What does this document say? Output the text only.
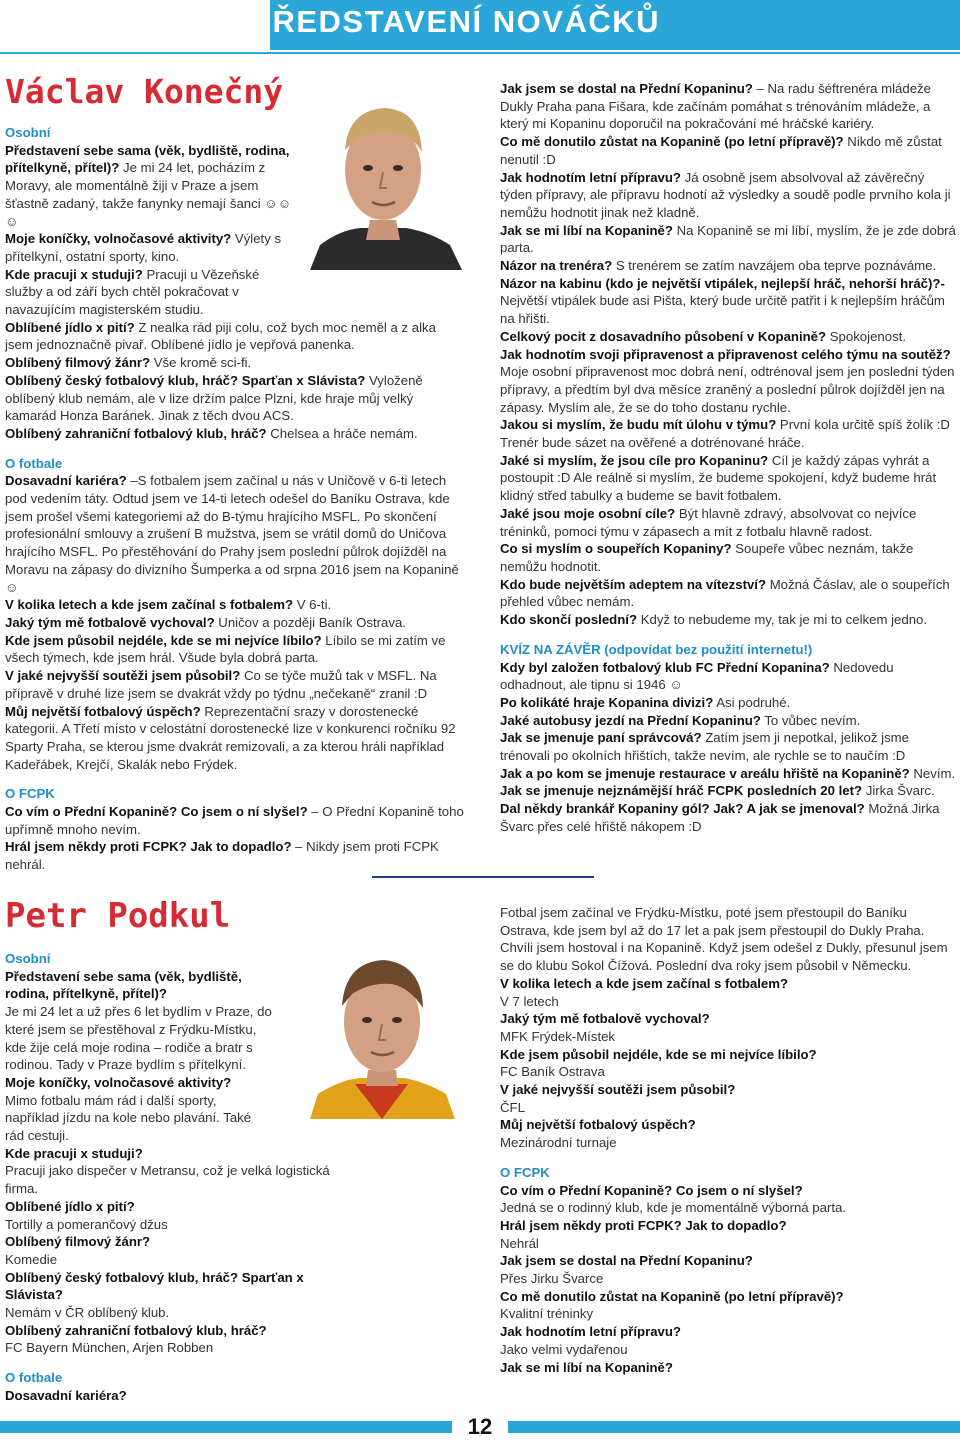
PŘEDSTAVENÍ NOVÁČKŮ
Václav Konečný

Osobní

Představení sebe sama (věk, bydliště, rodina, přítelkyně, přítel)? Je mi 24 let, pocházím z Moravy, ale momentálně žiji v Praze a jsem šťastně zadaný, takže fanynky nemají šanci ☺☺☺

Moje koníčky, volnočasové aktivity? Výlety s přítelkyní, ostatní sporty, kino.

Kde pracuji x studuji? Pracuji u Vězeňské služby a od září bych chtěl pokračovat v navazujícím magisterském studiu.

Oblíbené jídlo x pití? Z nealka rád piji colu, což bych moc neměl a z alka jsem jednoznačně pivař. Oblíbené jídlo je vepřová panenka.

Oblíbený filmový žánr? Vše kromě sci-fi.

Oblíbený český fotbalový klub, hráč? Sparťan x Slávista? Vyloženě oblíbený klub nemám, ale v lize držím palce Plzni, kde hraje můj velký kamarád Honza Baránek. Jinak z těch dvou ACS.

Oblíbený zahraniční fotbalový klub, hráč? Chelsea a hráče nemám.

O fotbale

Dosavadní kariéra? –S fotbalem jsem začínal u nás v Uničově v 6-ti letech pod vedením táty. Odtud jsem ve 14-ti letech odešel do Baníku Ostrava, kde jsem prošel všemi kategoriemi až do B-týmu hrajícího MSFL. Po skončení profesionální smlouvy a zrušení B mužstva, jsem se vrátil domů do Uničova hrajícího MSFL. Po přestěhování do Prahy jsem poslední půlrok dojížděl na Moravu na zápasy do divizního Šumperka a od srpna 2016 jsem na Kopanině ☺

V kolika letech a kde jsem začínal s fotbalem? V 6-ti.

Jaký tým mě fotbalově vychoval? Uničov a později Baník Ostrava.

Kde jsem působil nejdéle, kde se mi nejvíce líbilo? Líbilo se mi zatím ve všech týmech, kde jsem hrál. Všude byla dobrá parta.

V jaké nejvyšší soutěži jsem působil? Co se týče mužů tak v MSFL. Na přípravě v druhé lize jsem se dvakrát vždy po týdnu „nečekaně“ zranil :D

Můj největší fotbalový úspěch? Reprezentační srazy v dorostenecké kategorii. A Třetí místo v celostátní dorostenecké lize v konkurenci ročníku 92 Sparty Praha, se kterou jsme dvakrát remizovali, a za kterou hráli například Kadeřábek, Krejčí, Skalák nebo Frýdek.

O FCPK

Co vím o Přední Kopanině? Co jsem o ní slyšel? – O Přední Kopanině toho upřímně mnoho nevím.

Hrál jsem někdy proti FCPK? Jak to dopadlo? – Nikdy jsem proti FCPK nehrál.

Jak jsem se dostal na Přední Kopaninu? – Na radu šéftrenéra mládeže Dukly Praha pana Fišara, kde začínám pomáhat s trénováním mládeže, a který mi Kopaninu doporučil na pokračování mé hráčské kariéry.

Co mě donutilo zůstat na Kopanině (po letní přípravě)? Nikdo mě zůstat nenutil :D

Jak hodnotím letní přípravu? Já osobně jsem absolvoval až závěrečný týden přípravy, ale přípravu hodnotí až výsledky a soudě podle prvního kola ji nemůžu hodnotit jinak než kladně.

Jak se mi líbí na Kopanině? Na Kopanině se mi líbí, myslím, že je zde dobrá parta.

Názor na trenéra? S trenérem se zatím navzájem oba teprve poznáváme.

Názor na kabinu (kdo je největší vtipálek, nejlepší hráč, nehorší hráč)?- Největší vtipálek bude asi Pišta, který bude určitě patřit i k nejlepším hráčům na hřišti.

Celkový pocit z dosavadního působení v Kopanině? Spokojenost.

Jak hodnotím svoji připravenost a připravenost celého týmu na soutěž? Moje osobní připravenost moc dobrá není, odtrénoval jsem jen poslední týden přípravy, a předtím byl dva měsíce zraněný a poslední půlrok dojížděl jen na zápasy. Myslím ale, že se do toho dostanu rychle.

Jakou si myslím, že budu mít úlohu v týmu? První kola určitě spíš žolík :D Trenér bude sázet na ověřené a dotrénované hráče.

Jaké si myslím, že jsou cíle pro Kopaninu? Cíl je každý zápas vyhrát a postoupit :D Ale reálně si myslím, že budeme spokojení, když budeme hrát klidný střed tabulky a budeme se bavit fotbalem.

Jaké jsou moje osobní cíle? Být hlavně zdravý, absolvovat co nejvíce tréninků, pomoci týmu v zápasech a mít z fotbalu hlavně radost.

Co si myslím o soupeřích Kopaniny? Soupeře vůbec neznám, takže nemůžu hodnotit.

Kdo bude největším adeptem na vítezství? Možná Čáslav, ale o soupeřích přehled vůbec nemám.

Kdo skončí poslední? Když to nebudeme my, tak je mi to celkem jedno.

KVÍZ NA ZÁVĚR (odpovídat bez použití internetu!)

Kdy byl založen fotbalový klub FC Přední Kopanina? Nedovedu odhadnout, ale tipnu si 1946 ☺

Po kolikáté hraje Kopanina divizi? Asi podruhé.

Jaké autobusy jezdí na Přední Kopaninu? To vůbec nevím.

Jak se jmenuje paní správcová? Zatím jsem ji nepotkal, jelikož jsme trénovali po okolních hřištích, takže nevím, ale rychle se to naučím :D

Jak a po kom se jmenuje restaurace v areálu hřiště na Kopanině? Nevím.

Jak se jmenuje nejznámější hráč FCPK posledních 20 let? Jirka Švarc.

Dal někdy brankář Kopaniny gól? Jak? A jak se jmenoval? Možná Jirka Švarc přes celé hřiště nákopem :D

Petr Podkul

Osobní

Představení sebe sama (věk, bydliště, rodina, přítelkyně, přítel)?

Je mi 24 let a už přes 6 let bydlím v Praze, do které jsem se přestěhoval z Frýdku-Místku, kde žije celá moje rodina – rodiče a bratr s rodinou. Tady v Praze bydlím s přítelkyní.

Moje koníčky, volnočasové aktivity?

Mimo fotbalu mám rád i další sporty, například jízdu na kole nebo plavání. Také rád cestuji.

Kde pracuji x studuji?

Pracuji jako dispečer v Metransu, což je velká logistická firma.

Oblíbené jídlo x pití?

Tortilly a pomerančový džus

Oblíbený filmový žánr?

Komedie

Oblíbený český fotbalový klub, hráč? Sparťan x Slávista?

Nemám v ČR oblíbený klub.

Oblíbený zahraniční fotbalový klub, hráč?

FC Bayern München, Arjen Robben

O fotbale

Dosavadní kariéra?

Fotbal jsem začínal ve Frýdku-Místku, poté jsem přestoupil do Baníku Ostrava, kde jsem byl až do 17 let a pak jsem přestoupil do Dukly Praha. Chvíli jsem hostoval i na Kopanině. Když jsem odešel z Dukly, přesunul jsem se do klubu Sokol Čížová. Poslední dva roky jsem působil v Německu.

V kolika letech a kde jsem začínal s fotbalem?

V 7 letech

Jaký tým mě fotbalově vychoval?

MFK Frýdek-Místek

Kde jsem působil nejdéle, kde se mi nejvíce líbilo?

FC Baník Ostrava

V jaké nejvyšší soutěži jsem působil?

ČFL

Můj největší fotbalový úspěch?

Mezinárodní turnaje

O FCPK

Co vím o Přední Kopanině? Co jsem o ní slyšel?

Jedná se o rodinný klub, kde je momentálně výborná parta.

Hrál jsem někdy proti FCPK? Jak to dopadlo?

Nehrál

Jak jsem se dostal na Přední Kopaninu?

Přes Jirku Švarce

Co mě donutilo zůstat na Kopanině (po letní přípravě)?

Kvalitní tréninky

Jak hodnotím letní přípravu?

Jako velmi vydařenou

Jak se mi líbí na Kopanině?

12
